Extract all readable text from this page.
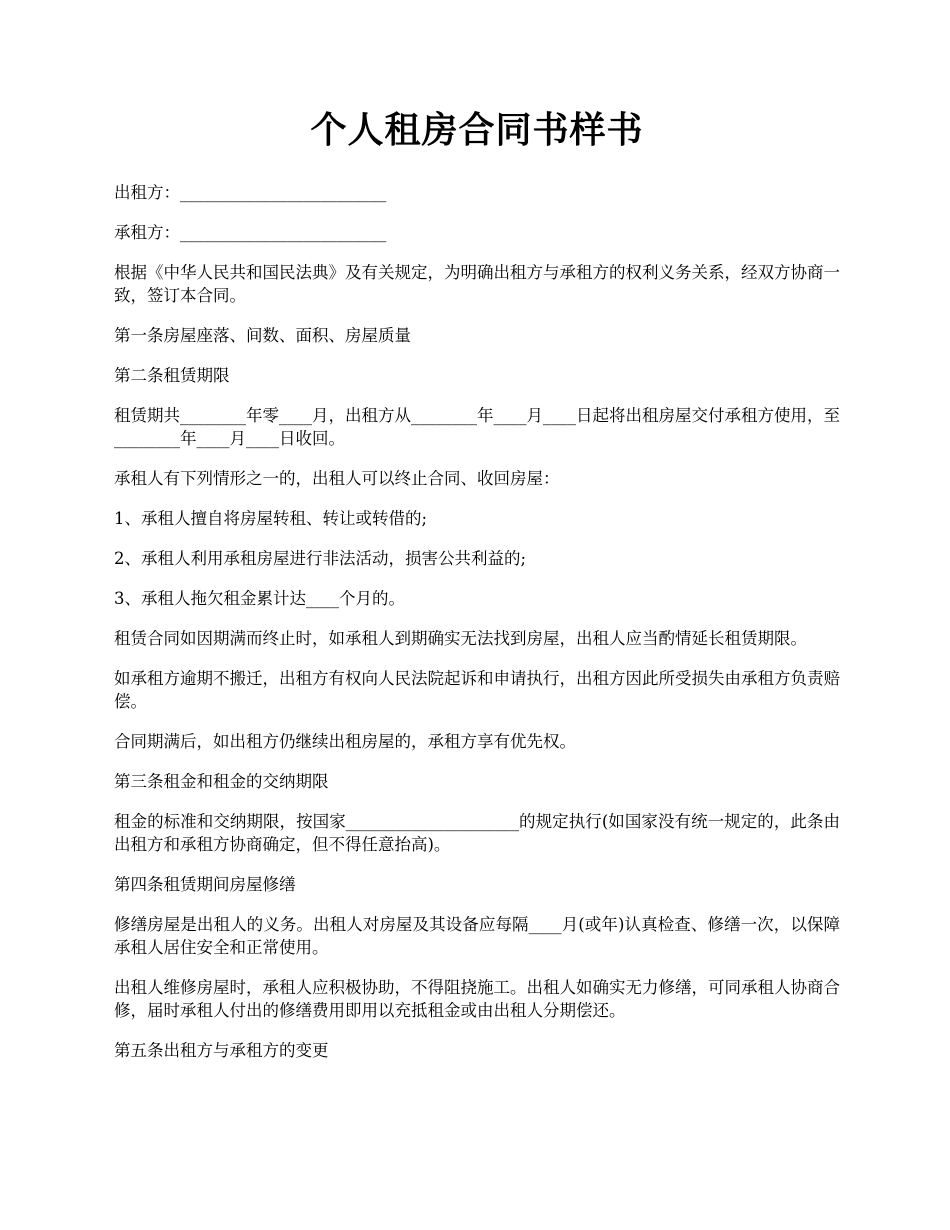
个人租房合同书样书

出租方：_________________________

承租方：_________________________

根据《中华人民共和国民法典》及有关规定，为明确出租方与承租方的权利义务关系，经双方协商一致，签订本合同。

第一条房屋座落、间数、面积、房屋质量

第二条租赁期限

租赁期共________年零____月，出租方从________年____月____日起将出租房屋交付承租方使用，至________年____月____日收回。

承租人有下列情形之一的，出租人可以终止合同、收回房屋：

1、承租人擅自将房屋转租、转让或转借的;

2、承租人利用承租房屋进行非法活动，损害公共利益的;

3、承租人拖欠租金累计达____个月的。

租赁合同如因期满而终止时，如承租人到期确实无法找到房屋，出租人应当酌情延长租赁期限。

如承租方逾期不搬迁，出租方有权向人民法院起诉和申请执行，出租方因此所受损失由承租方负责赔偿。

合同期满后，如出租方仍继续出租房屋的，承租方享有优先权。

第三条租金和租金的交纳期限

租金的标准和交纳期限，按国家_____________________的规定执行(如国家没有统一规定的，此条由出租方和承租方协商确定，但不得任意抬高)。

第四条租赁期间房屋修缮

修缮房屋是出租人的义务。出租人对房屋及其设备应每隔____月(或年)认真检查、修缮一次，以保障承租人居住安全和正常使用。

出租人维修房屋时，承租人应积极协助，不得阻挠施工。出租人如确实无力修缮，可同承租人协商合修，届时承租人付出的修缮费用即用以充抵租金或由出租人分期偿还。

第五条出租方与承租方的变更
